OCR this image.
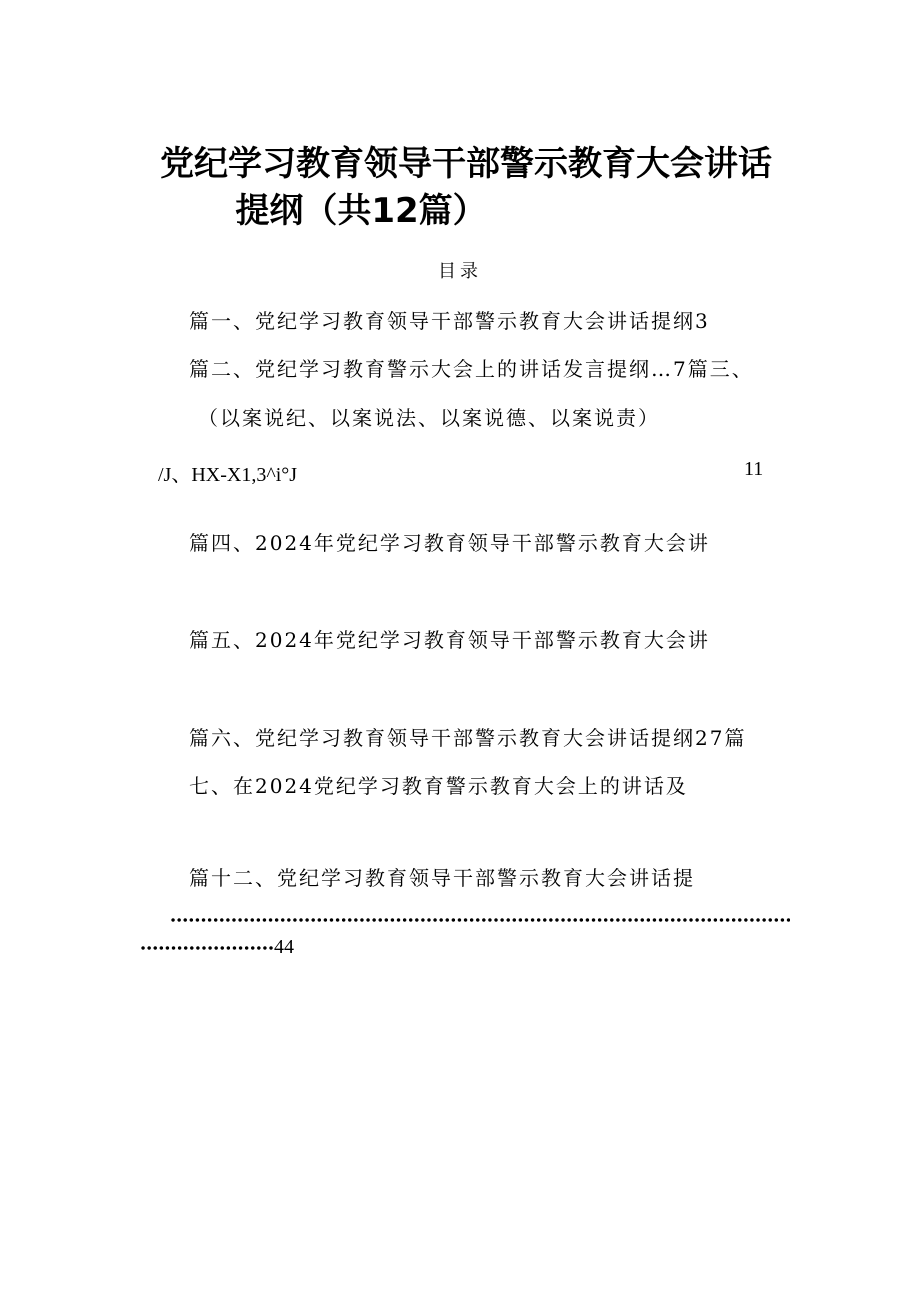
党纪学习教育领导干部警示教育大会讲话
提纲（共12篇）
目录
篇一、党纪学习教育领导干部警示教育大会讲话提纲3
篇二、党纪学习教育警示大会上的讲话发言提纲…7篇三、
（以案说纪、以案说法、以案说德、以案说责）
/J、HX-X1,3^i°J	11
篇四、2024年党纪学习教育领导干部警示教育大会讲
篇五、2024年党纪学习教育领导干部警示教育大会讲
篇六、党纪学习教育领导干部警示教育大会讲话提纲27篇
七、在2024党纪学习教育警示教育大会上的讲话及
篇十二、党纪学习教育领导干部警示教育大会讲话提
44
